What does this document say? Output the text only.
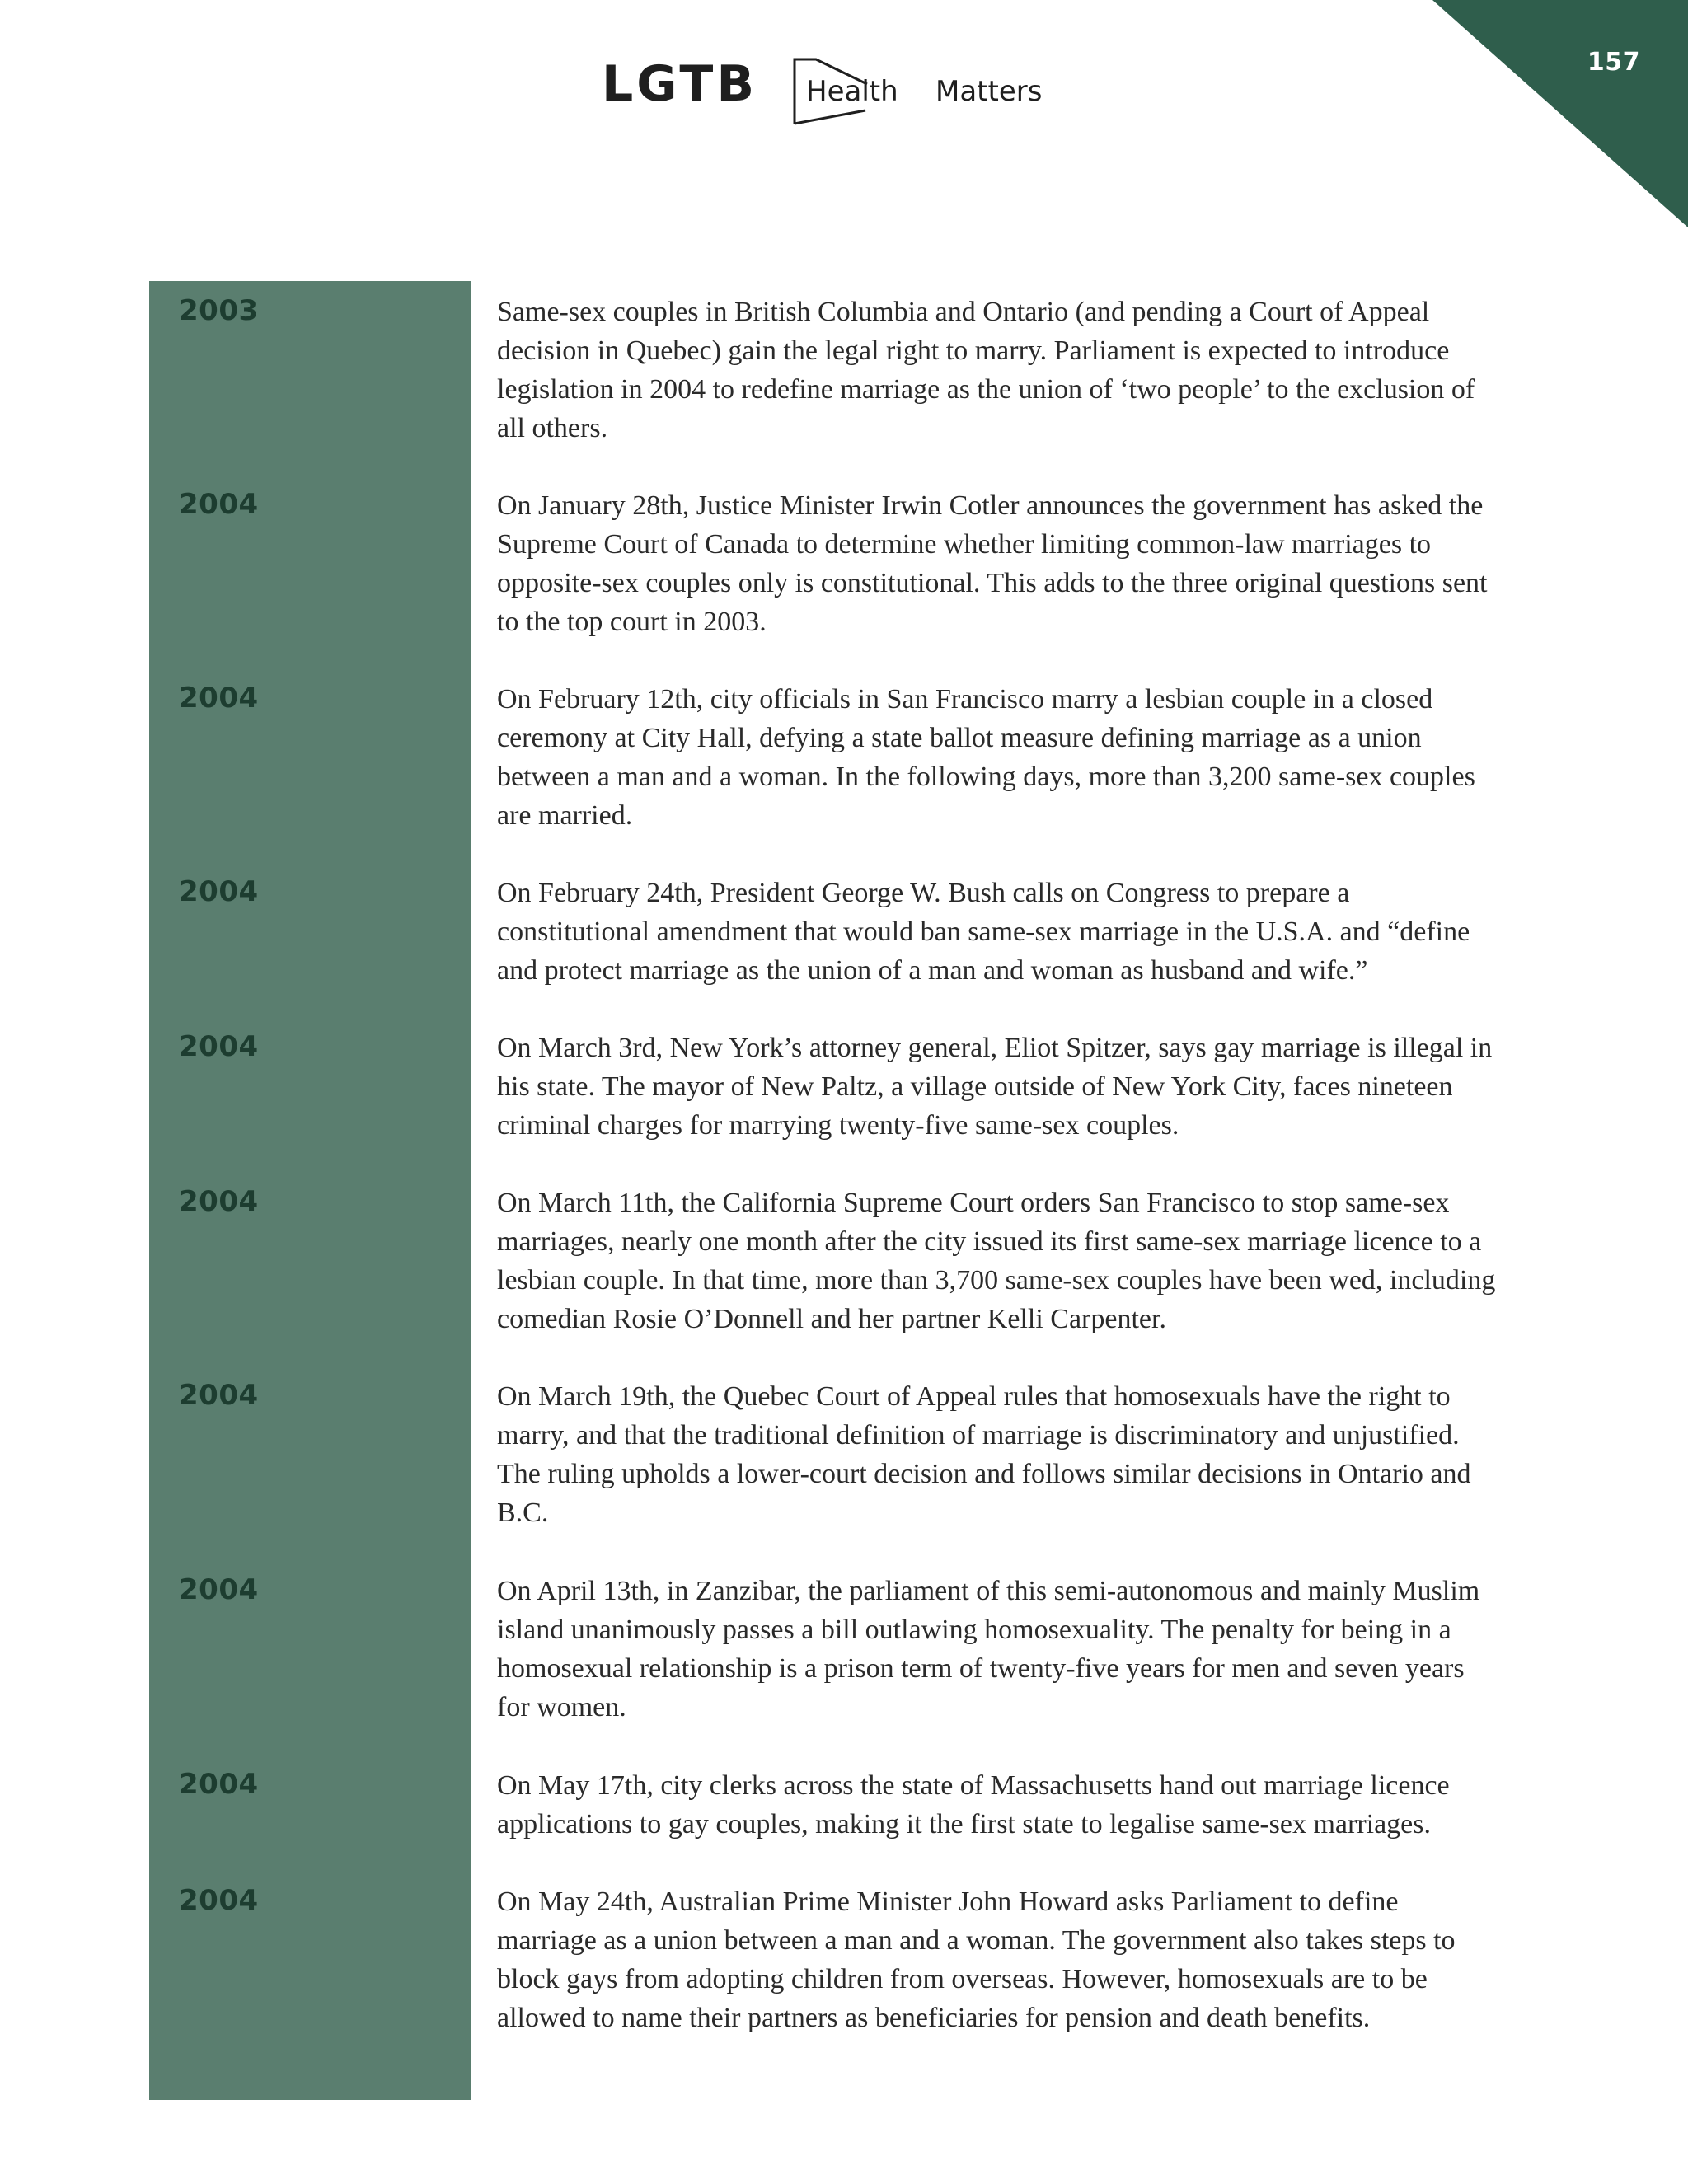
157
LGTB Health Matters
2003	Same-sex couples in British Columbia and Ontario (and pending a Court of Appeal decision in Quebec) gain the legal right to marry. Parliament is expected to introduce legislation in 2004 to redefine marriage as the union of ‘two people’ to the exclusion of all others.
2004	On January 28th, Justice Minister Irwin Cotler announces the government has asked the Supreme Court of Canada to determine whether limiting common-law marriages to opposite-sex couples only is constitutional. This adds to the three original questions sent to the top court in 2003.
2004	On February 12th, city officials in San Francisco marry a lesbian couple in a closed ceremony at City Hall, defying a state ballot measure defining marriage as a union between a man and a woman. In the following days, more than 3,200 same-sex couples are married.
2004	On February 24th, President George W. Bush calls on Congress to prepare a constitutional amendment that would ban same-sex marriage in the U.S.A. and “define and protect marriage as the union of a man and woman as husband and wife.”
2004	On March 3rd, New York’s attorney general, Eliot Spitzer, says gay marriage is illegal in his state. The mayor of New Paltz, a village outside of New York City, faces nineteen criminal charges for marrying twenty-five same-sex couples.
2004	On March 11th, the California Supreme Court orders San Francisco to stop same-sex marriages, nearly one month after the city issued its first same-sex marriage licence to a lesbian couple. In that time, more than 3,700 same-sex couples have been wed, including comedian Rosie O’Donnell and her partner Kelli Carpenter.
2004	On March 19th, the Quebec Court of Appeal rules that homosexuals have the right to marry, and that the traditional definition of marriage is discriminatory and unjustified. The ruling upholds a lower-court decision and follows similar decisions in Ontario and B.C.
2004	On April 13th, in Zanzibar, the parliament of this semi-autonomous and mainly Muslim island unanimously passes a bill outlawing homosexuality. The penalty for being in a homosexual relationship is a prison term of twenty-five years for men and seven years for women.
2004	On May 17th, city clerks across the state of Massachusetts hand out marriage licence applications to gay couples, making it the first state to legalise same-sex marriages.
2004	On May 24th, Australian Prime Minister John Howard asks Parliament to define marriage as a union between a man and a woman. The government also takes steps to block gays from adopting children from overseas. However, homosexuals are to be allowed to name their partners as beneficiaries for pension and death benefits.
